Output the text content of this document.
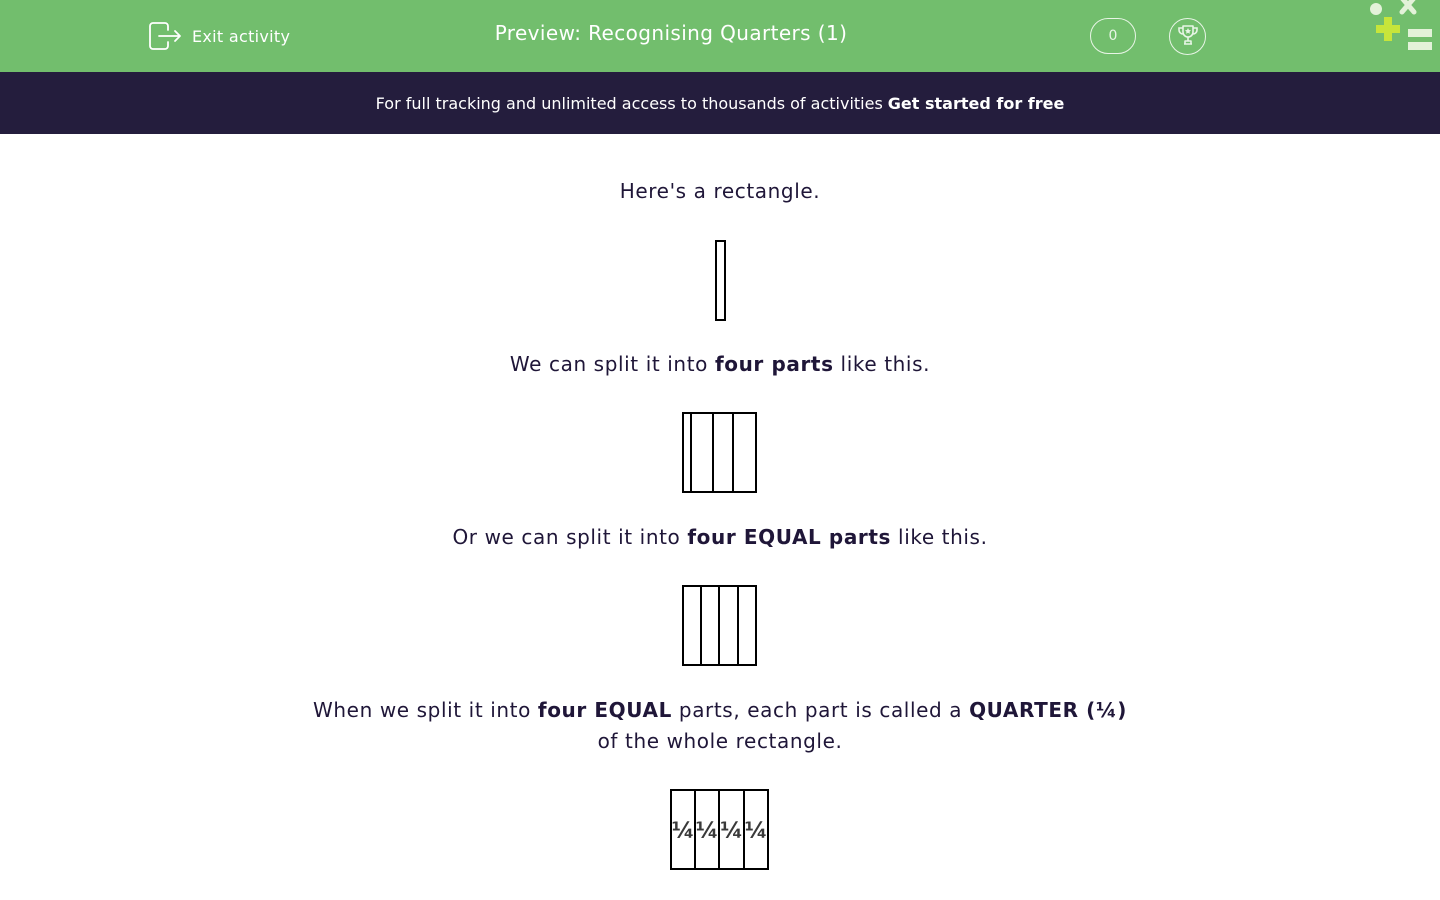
Exit activity	Preview: Recognising Quarters (1)	0
For full tracking and unlimited access to thousands of activities Get started for free
Here's a rectangle.
We can split it into four parts like this.
Or we can split it into four EQUAL parts like this.
When we split it into four EQUAL parts, each part is called a QUARTER (¼)
of the whole rectangle.
¼ ¼ ¼ ¼
